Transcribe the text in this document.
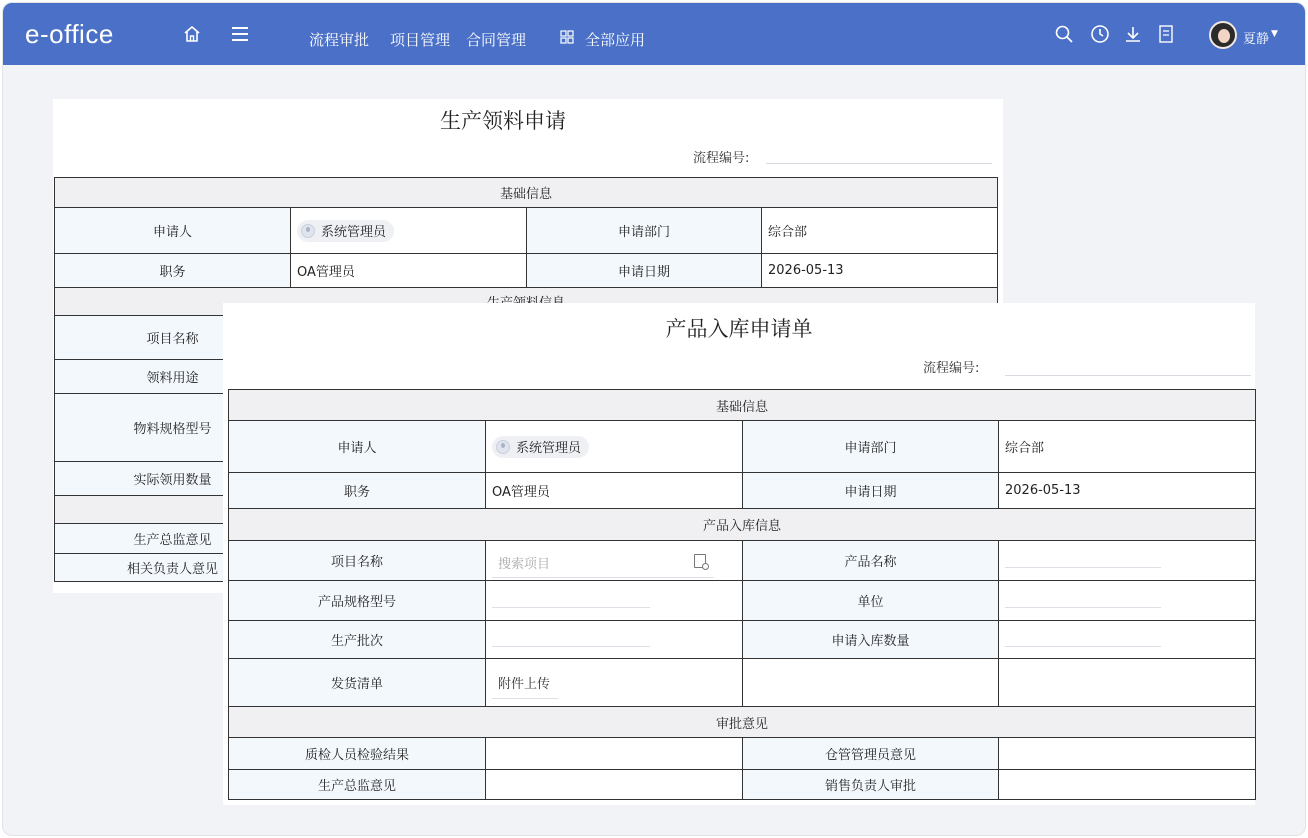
e-office	流程审批 项目管理 合同管理	全部应用	夏静 ▼
生产领料申请
流程编号:
基础信息			
申请人	系统管理员	申请部门	综合部
职务	OA管理员	申请日期	2026-05-13

项目名称			
领料用途			
物料规格型号			
实际领用数量			

生产总监意见			
相关负责人意见			
产品入库申请单
流程编号:
基础信息			
申请人	系统管理员	申请部门	综合部
职务	OA管理员	申请日期	2026-05-13
产品入库信息			
项目名称	搜索项目	产品名称	

产品规格型号		单位	

生产批次		申请入库数量	

发货清单	附件上传		
审批意见			
质检人员检验结果		仓管管理员意见	
生产总监意见		销售负责人审批	
